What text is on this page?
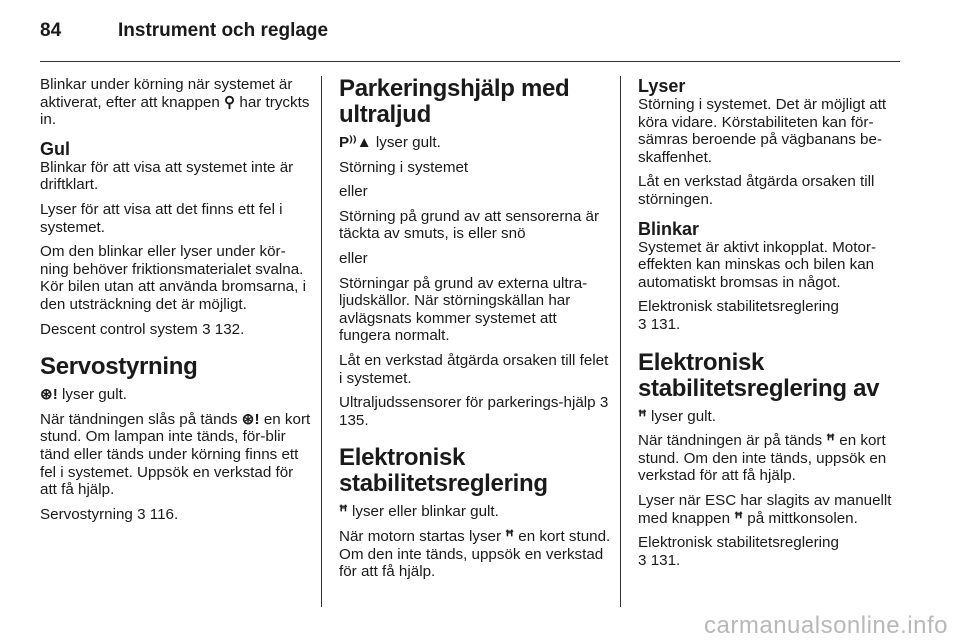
84	Instrument och reglage

Blinkar under körning när systemet är aktiverat, efter att knappen ⚲ har tryckts in.

Gul

Blinkar för att visa att systemet inte är driftklart.

Lyser för att visa att det finns ett fel i systemet.

Om den blinkar eller lyser under kör-ning behöver friktionsmaterialet svalna. Kör bilen utan att använda bromsarna, i den utsträckning det är möjligt.

Descent control system 3 132.

Servostyrning

⊛! lyser gult.

När tändningen slås på tänds ⊛! en kort stund. Om lampan inte tänds, för-blir tänd eller tänds under körning finns ett fel i systemet. Uppsök en verkstad för att få hjälp.

Servostyrning 3 116.

Parkeringshjälp med ultraljud

P⁾⁾▲ lyser gult.

Störning i systemet

eller

Störning på grund av att sensorerna är täckta av smuts, is eller snö

eller

Störningar på grund av externa ultra-ljudskällor. När störningskällan har avlägsnats kommer systemet att fungera normalt.

Låt en verkstad åtgärda orsaken till felet i systemet.

Ultraljudssensorer för parkerings-hjälp 3 135.

Elektronisk stabilitetsreglering

ꟸ lyser eller blinkar gult.

När motorn startas lyser ꟸ en kort stund. Om den inte tänds, uppsök en verkstad för att få hjälp.

Lyser

Störning i systemet. Det är möjligt att köra vidare. Körstabiliteten kan för-sämras beroende på vägbanans be-skaffenhet.

Låt en verkstad åtgärda orsaken till störningen.

Blinkar

Systemet är aktivt inkopplat. Motor-effekten kan minskas och bilen kan automatiskt bromsas in något.

Elektronisk stabilitetsreglering
3 131.

Elektronisk stabilitetsreglering av

ꟸ lyser gult.

När tändningen är på tänds ꟸ en kort stund. Om den inte tänds, uppsök en verkstad för att få hjälp.

Lyser när ESC har slagits av manuellt med knappen ꟸ på mittkonsolen.

Elektronisk stabilitetsreglering
3 131.

carmanualsonline.info
